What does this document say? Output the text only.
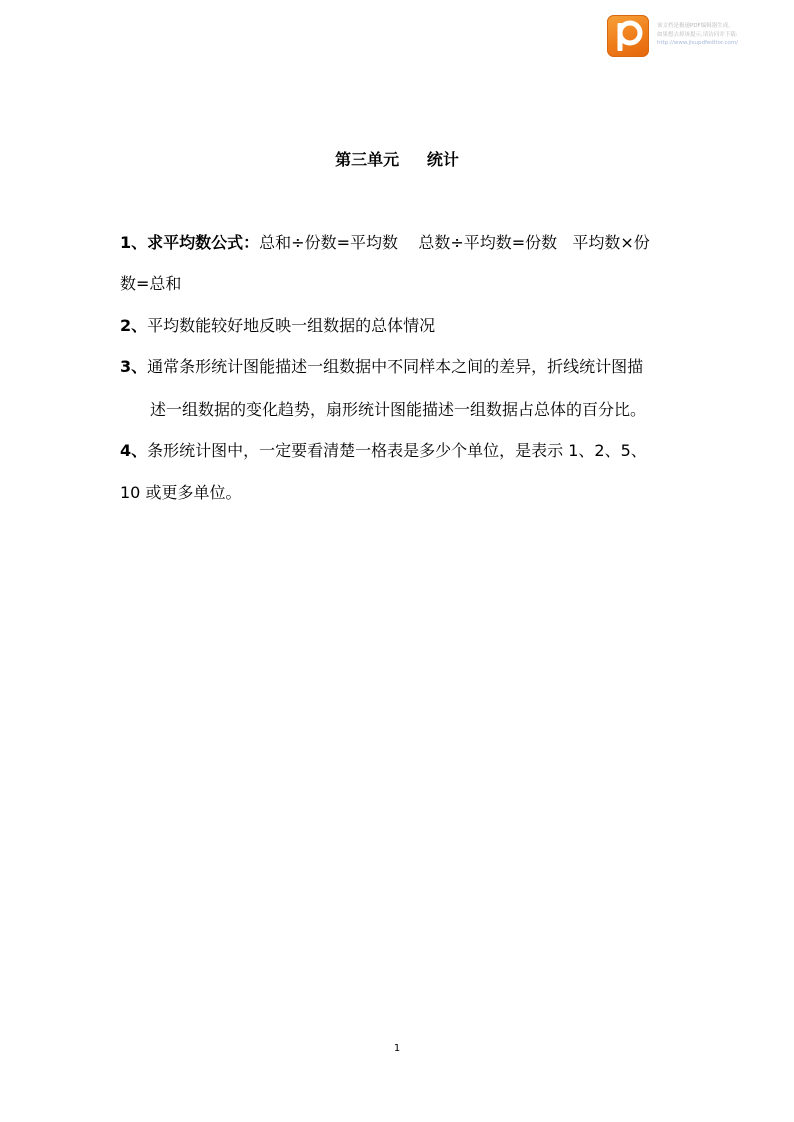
P
该文档是极速PDF编辑器生成,
如果想去掉该提示,请访问并下载:
http://www.jisupdfeditor.com/
第三单元     统计
1、求平均数公式：总和÷份数=平均数    总数÷平均数=份数   平均数×份
数=总和
2、平均数能较好地反映一组数据的总体情况
3、通常条形统计图能描述一组数据中不同样本之间的差异，折线统计图描
述一组数据的变化趋势，扇形统计图能描述一组数据占总体的百分比。
4、条形统计图中，一定要看清楚一格表是多少个单位，是表示 1、2、5、
10 或更多单位。
1
